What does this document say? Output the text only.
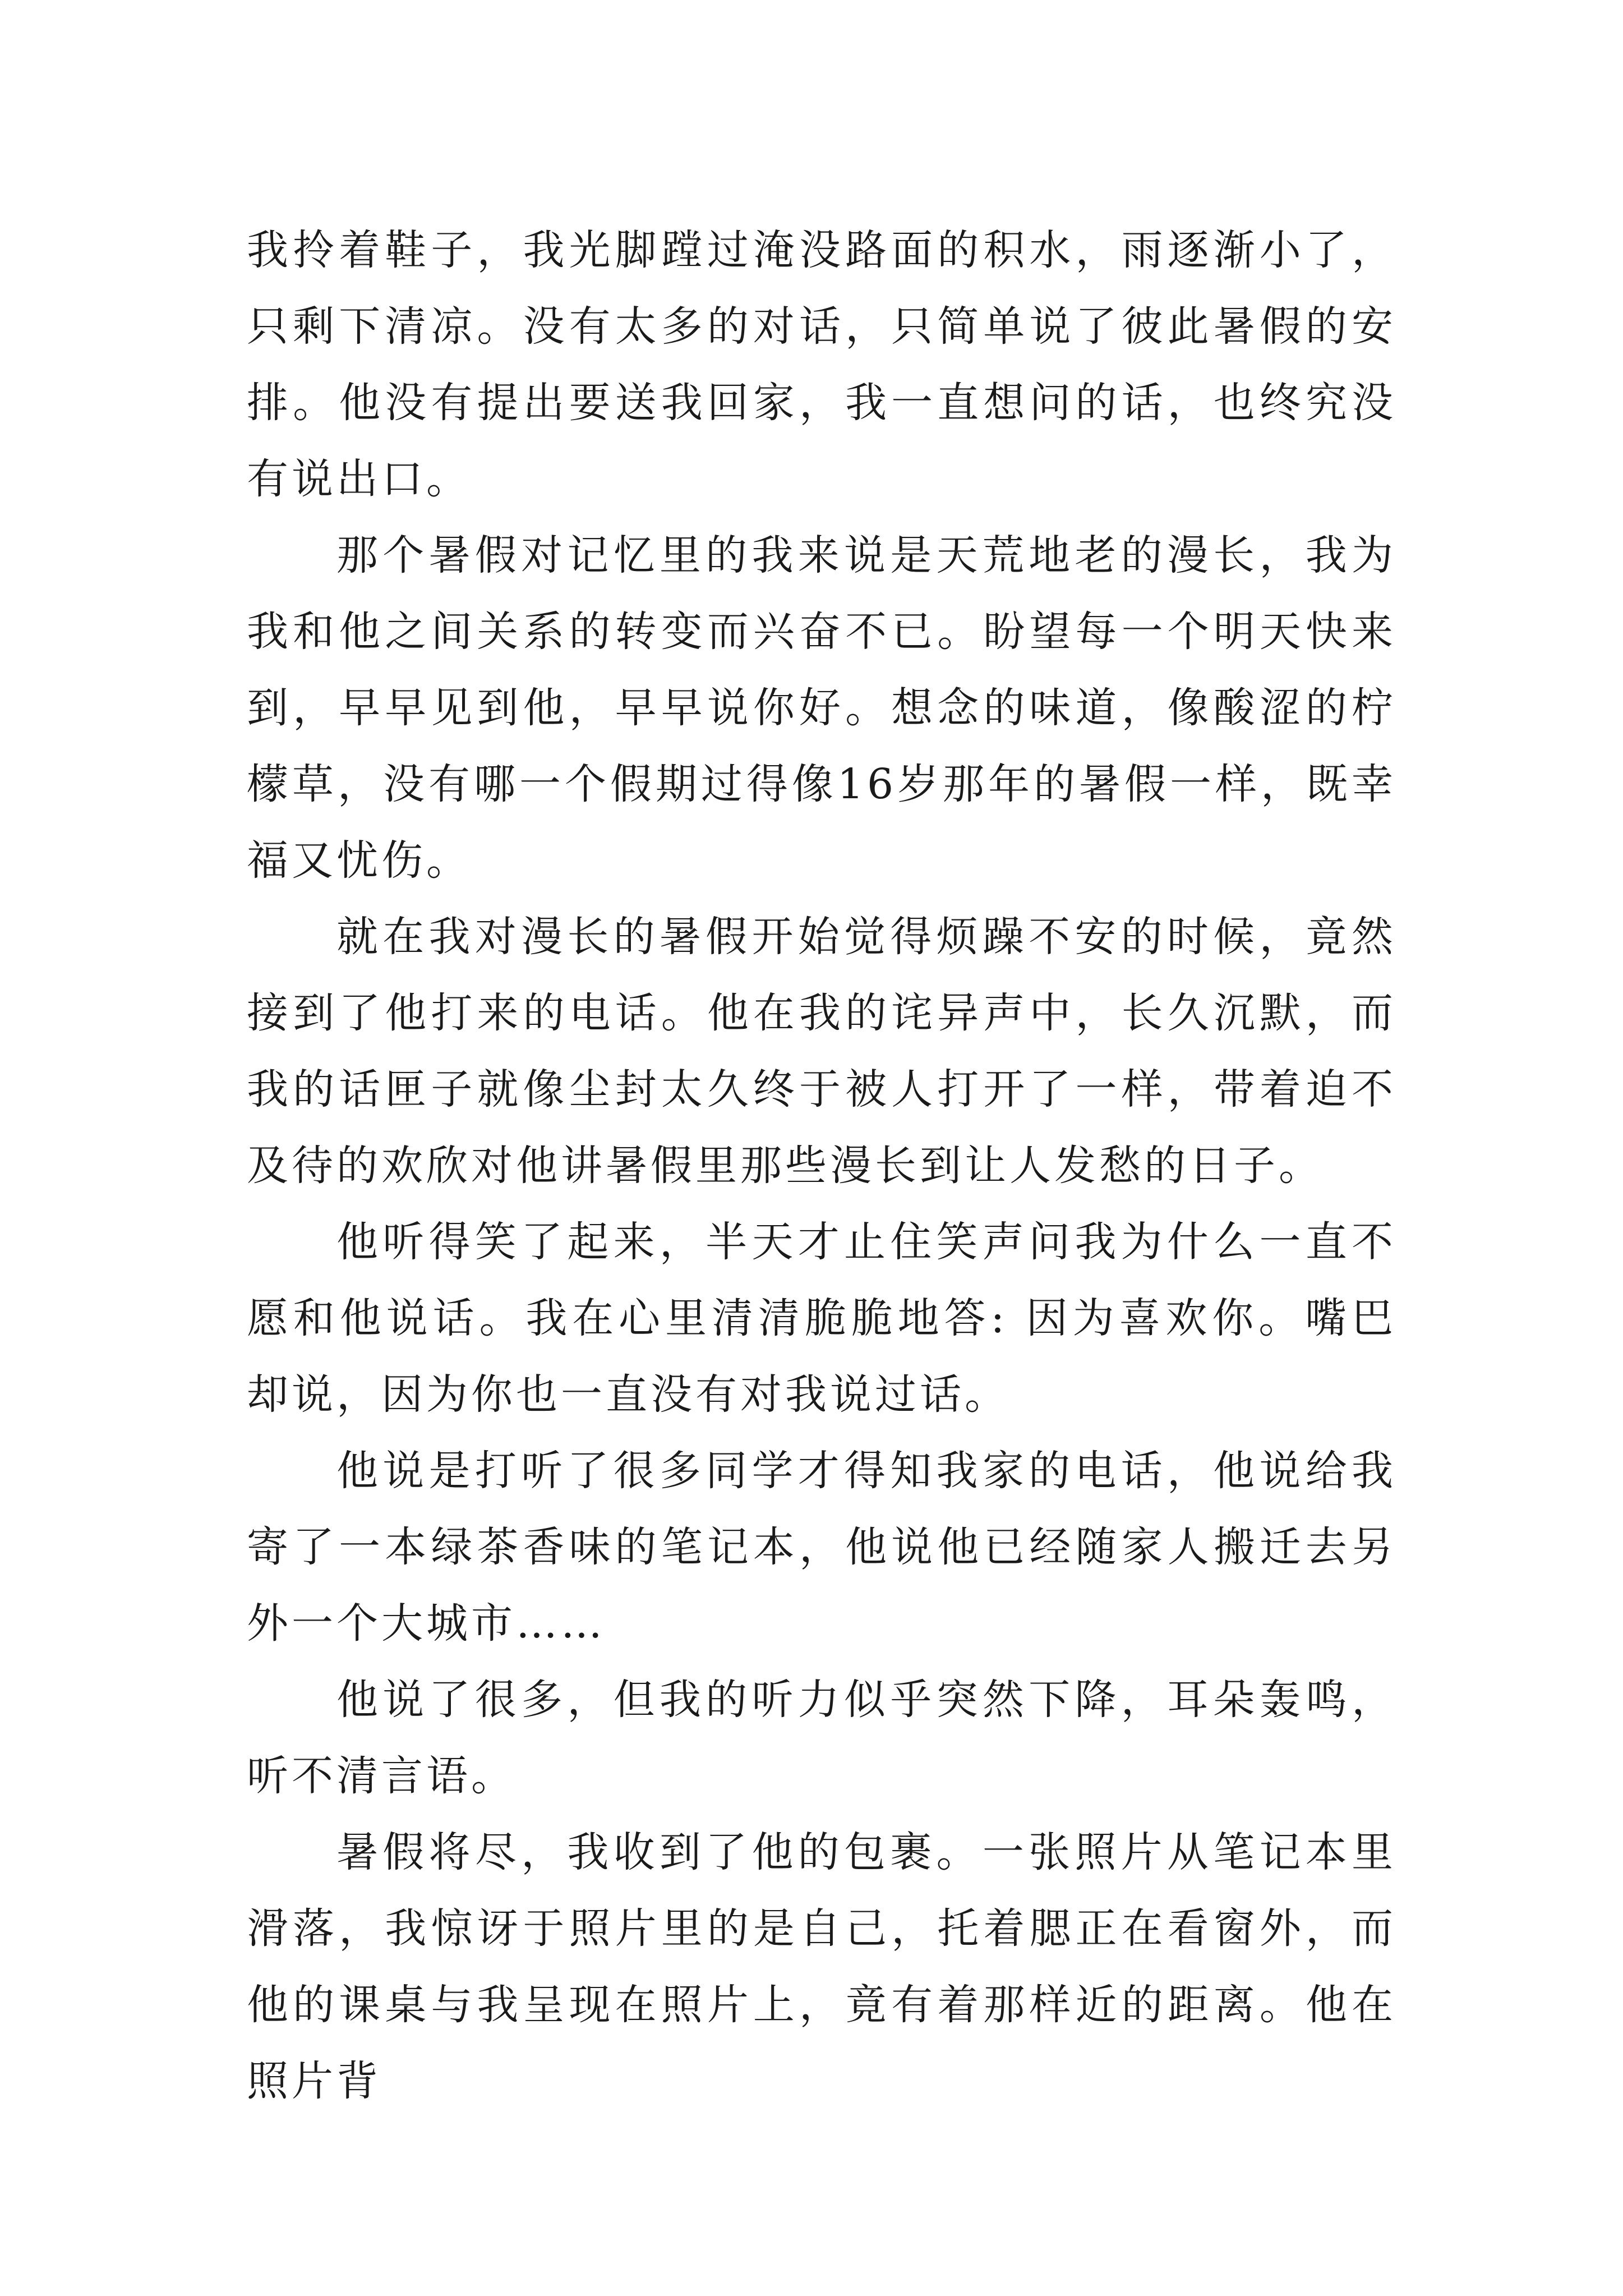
我拎着鞋子，我光脚蹚过淹没路面的积水，雨逐渐小了，只剩下清凉。没有太多的对话，只简单说了彼此暑假的安排。他没有提出要送我回家，我一直想问的话，也终究没有说出口。

那个暑假对记忆里的我来说是天荒地老的漫长，我为我和他之间关系的转变而兴奋不已。盼望每一个明天快来到，早早见到他，早早说你好。想念的味道，像酸涩的柠檬草，没有哪一个假期过得像16岁那年的暑假一样，既幸福又忧伤。

就在我对漫长的暑假开始觉得烦躁不安的时候，竟然接到了他打来的电话。他在我的诧异声中，长久沉默，而我的话匣子就像尘封太久终于被人打开了一样，带着迫不及待的欢欣对他讲暑假里那些漫长到让人发愁的日子。

他听得笑了起来，半天才止住笑声问我为什么一直不愿和他说话。我在心里清清脆脆地答: 因为喜欢你。嘴巴却说，因为你也一直没有对我说过话。

他说是打听了很多同学才得知我家的电话，他说给我寄了一本绿茶香味的笔记本，他说他已经随家人搬迁去另外一个大城市……

他说了很多，但我的听力似乎突然下降，耳朵轰鸣，听不清言语。

暑假将尽，我收到了他的包裹。一张照片从笔记本里滑落，我惊讶于照片里的是自己，托着腮正在看窗外，而他的课桌与我呈现在照片上，竟有着那样近的距离。他在照片背
